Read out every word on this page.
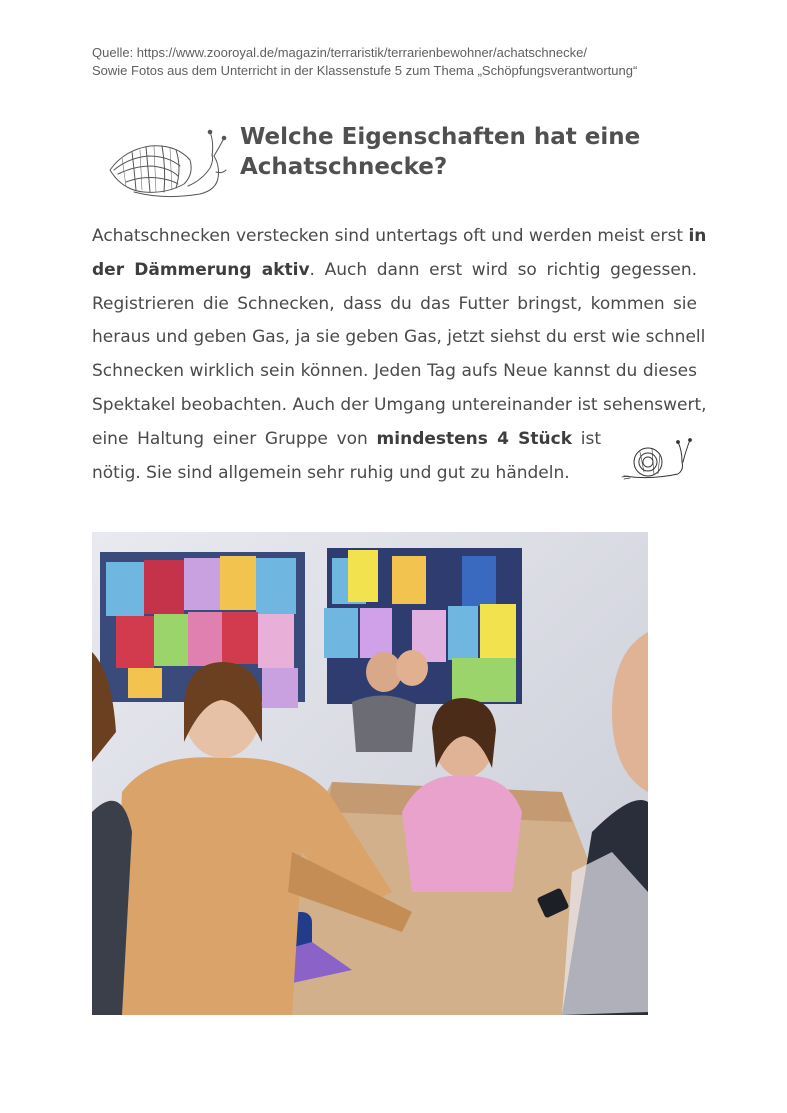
Quelle: https://www.zooroyal.de/magazin/terraristik/terrarienbewohner/achatschnecke/
Sowie Fotos aus dem Unterricht in der Klassenstufe 5 zum Thema „Schöpfungsverantwortung“
Welche Eigenschaften hat eine
Achatschnecke?
Achatschnecken verstecken sind untertags oft und werden meist erst in
der Dämmerung aktiv. Auch dann erst wird so richtig gegessen.
Registrieren die Schnecken, dass du das Futter bringst, kommen sie
heraus und geben Gas, ja sie geben Gas, jetzt siehst du erst wie schnell
Schnecken wirklich sein können. Jeden Tag aufs Neue kannst du dieses
Spektakel beobachten. Auch der Umgang untereinander ist sehenswert,
eine Haltung einer Gruppe von mindestens 4 Stück ist
nötig. Sie sind allgemein sehr ruhig und gut zu händeln.
